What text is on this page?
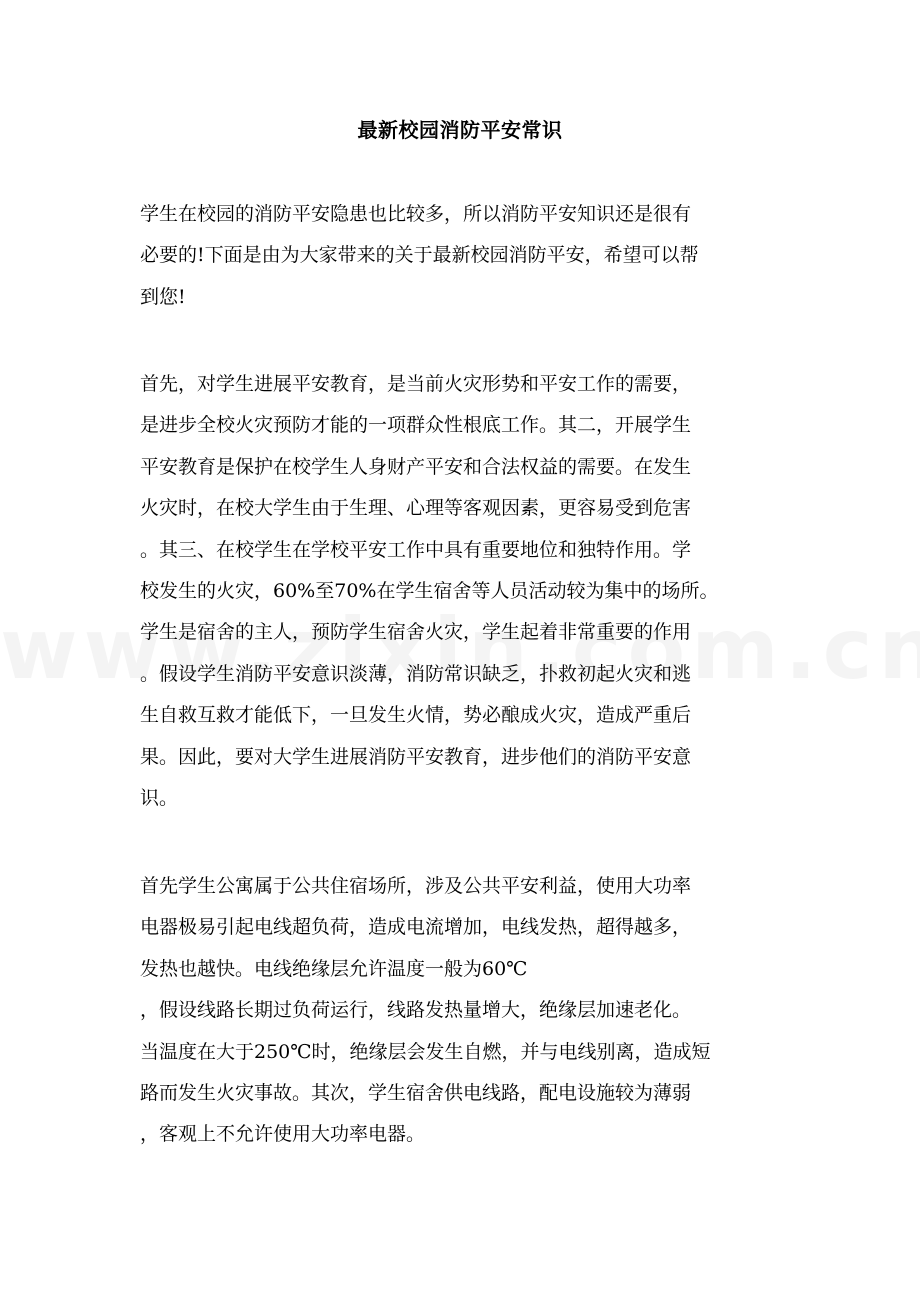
最新校园消防平安常识
学生在校园的消防平安隐患也比较多，所以消防平安知识还是很有
必要的!下面是由为大家带来的关于最新校园消防平安，希望可以帮
到您!
首先，对学生进展平安教育，是当前火灾形势和平安工作的需要，
是进步全校火灾预防才能的一项群众性根底工作。其二，开展学生
平安教育是保护在校学生人身财产平安和合法权益的需要。在发生
火灾时，在校大学生由于生理、心理等客观因素，更容易受到危害
。其三、在校学生在学校平安工作中具有重要地位和独特作用。学
校发生的火灾，60%至70%在学生宿舍等人员活动较为集中的场所。
学生是宿舍的主人，预防学生宿舍火灾，学生起着非常重要的作用
。假设学生消防平安意识淡薄，消防常识缺乏，扑救初起火灾和逃
生自救互救才能低下，一旦发生火情，势必酿成火灾，造成严重后
果。因此，要对大学生进展消防平安教育，进步他们的消防平安意
识。
首先学生公寓属于公共住宿场所，涉及公共平安利益，使用大功率
电器极易引起电线超负荷，造成电流增加，电线发热，超得越多，
发热也越快。电线绝缘层允许温度一般为60℃
，假设线路长期过负荷运行，线路发热量增大，绝缘层加速老化。
当温度在大于250℃时，绝缘层会发生自燃，并与电线别离，造成短
路而发生火灾事故。其次，学生宿舍供电线路，配电设施较为薄弱
，客观上不允许使用大功率电器。
